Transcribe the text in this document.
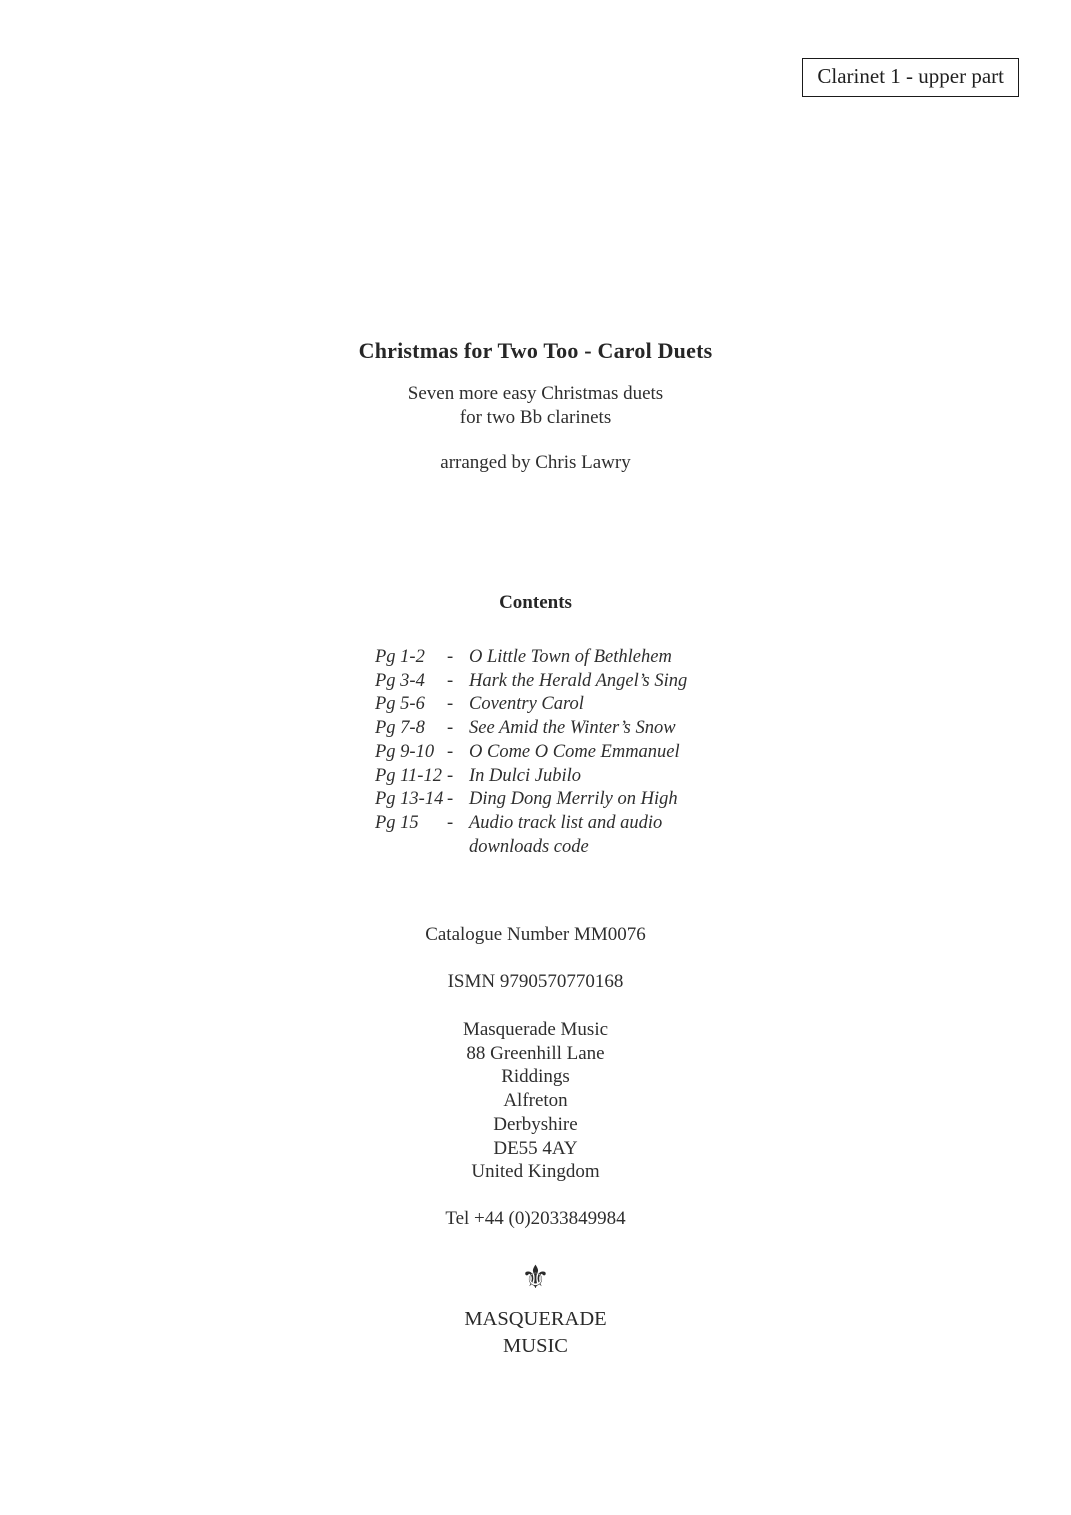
Clarinet 1 - upper part
Christmas for Two Too - Carol Duets
Seven more easy Christmas duets
for two Bb clarinets
arranged by Chris Lawry
Contents
Pg 1-2	- O Little Town of Bethlehem
Pg 3-4	- Hark the Herald Angel’s Sing
Pg 5-6	- Coventry Carol
Pg 7-8	- See Amid the Winter’s Snow
Pg 9-10 - O Come O Come Emmanuel
Pg 11-12 - In Dulci Jubilo
Pg 13-14 - Ding Dong Merrily on High
Pg 15	- Audio track list and audio
downloads code
Catalogue Number MM0076
ISMN 9790570770168
Masquerade Music
88 Greenhill Lane
Riddings
Alfreton
Derbyshire
DE55 4AY
United Kingdom
Tel +44 (0)2033849984
⚜
MASQUERADE
MUSIC
